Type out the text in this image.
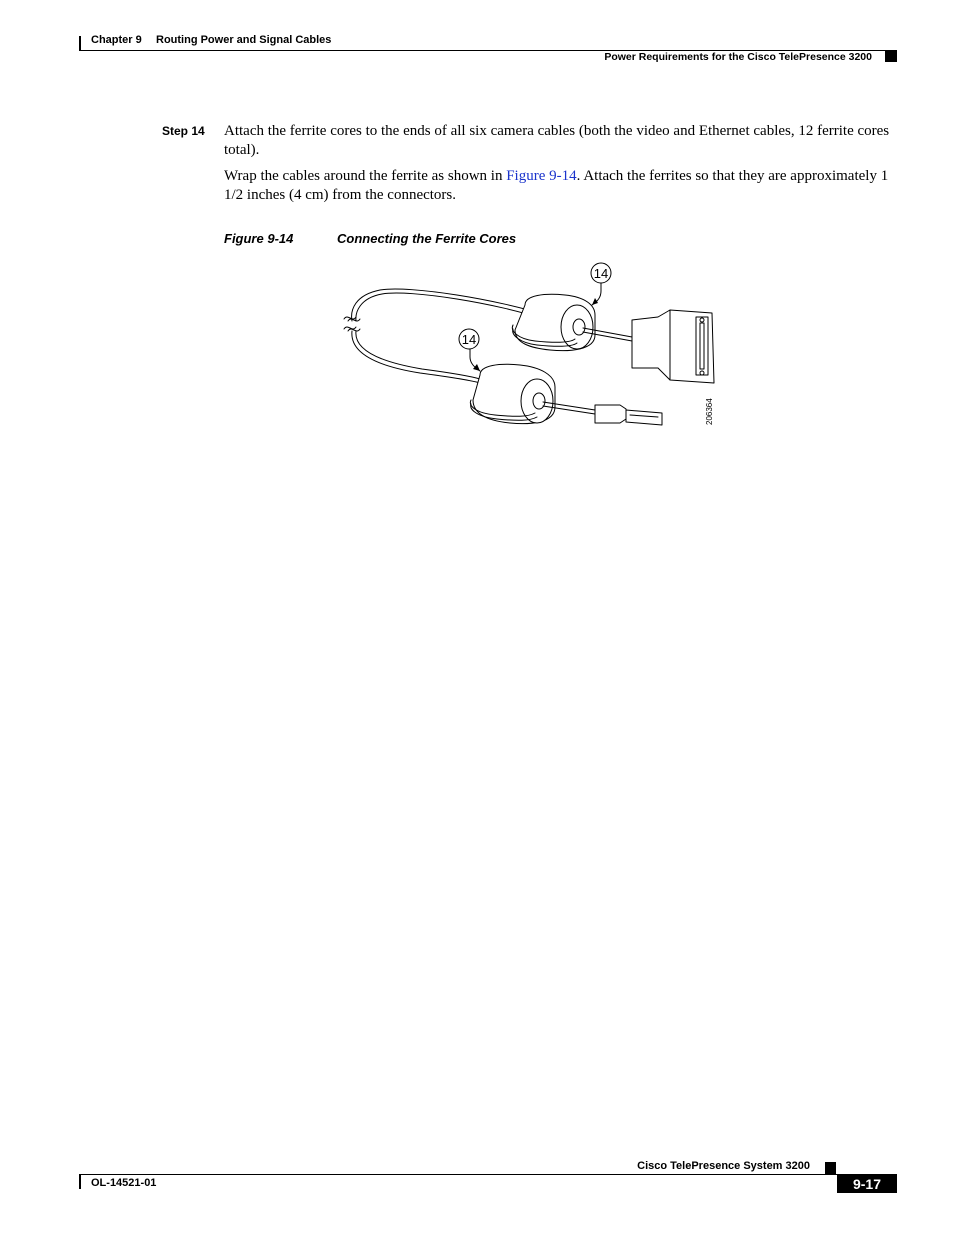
Chapter 9 Routing Power and Signal Cables
Power Requirements for the Cisco TelePresence 3200
Step 14 Attach the ferrite cores to the ends of all six camera cables (both the video and Ethernet cables, 12 ferrite cores total).
Wrap the cables around the ferrite as shown in Figure 9-14. Attach the ferrites so that they are approximately 1 1/2 inches (4 cm) from the connectors.
Figure 9-14	Connecting the Ferrite Cores
14
14
206364
Cisco TelePresence System 3200
OL-14521-01	9-17
